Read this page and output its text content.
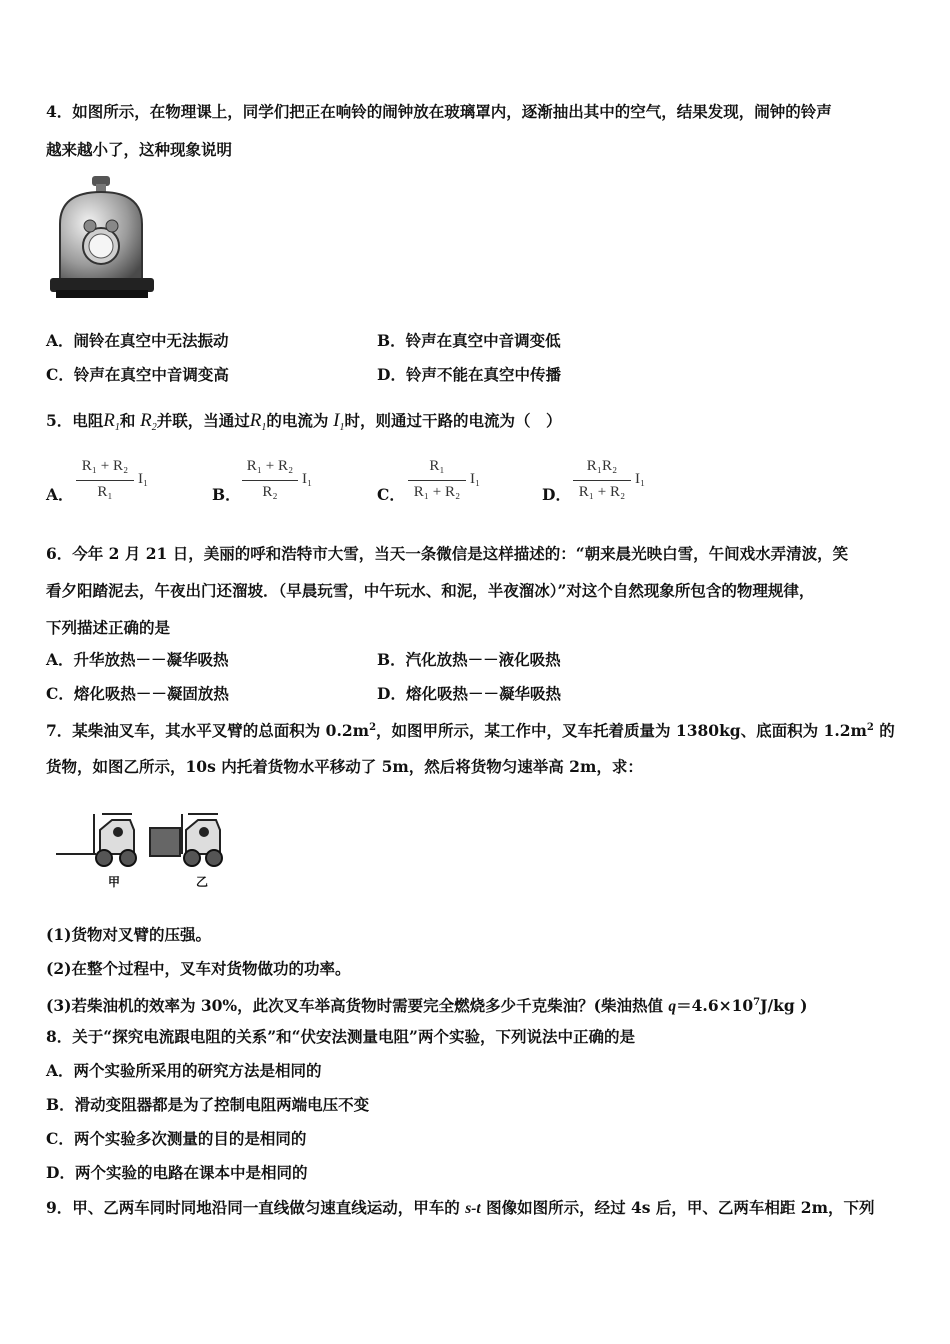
4．如图所示，在物理课上，同学们把正在响铃的闹钟放在玻璃罩内，逐渐抽出其中的空气，结果发现，闹钟的铃声
越来越小了，这种现象说明
A．闹铃在真空中无法振动	B．铃声在真空中音调变低
C．铃声在真空中音调变高	D．铃声不能在真空中传播
5．电阻$R_1$和 $R_2$并联，当通过$R_1$的电流为 $I_1$时，则通过干路的电流为（　）
A．
R₁ + R₂
R₁
I₁
B．
R₁ + R₂
R₂
I₁
C．
R₁
R₁ + R₂
I₁
D．
R₁R₂
R₁ + R₂
I₁
6．今年 2 月 21 日，美丽的呼和浩特市大雪，当天一条微信是这样描述的：“朝来晨光映白雪，午间戏水弄清波，笑
看夕阳踏泥去，午夜出门还溜坡．（早晨玩雪，中午玩水、和泥，半夜溜冰）”对这个自然现象所包含的物理规律，
下列描述正确的是
A．升华放热－－凝华吸热	B．汽化放热－－液化吸热
C．熔化吸热－－凝固放热	D．熔化吸热－－凝华吸热
7．某柴油叉车，其水平叉臂的总面积为 $0.2m^2$，如图甲所示，某工作中，叉车托着质量为 1380kg、底面积为 $1.2m^2$ 的
货物，如图乙所示，10s 内托着货物水平移动了 5m，然后将货物匀速举高 2m，求：
甲	乙
(1)货物对叉臂的压强。
(2)在整个过程中，叉车对货物做功的功率。
(3)若柴油机的效率为 30%，此次叉车举高货物时需要完全燃烧多少千克柴油？(柴油热值 $q=4.6\times 10^7J/kg$ )
8．关于“探究电流跟电阻的关系”和“伏安法测量电阻”两个实验，下列说法中正确的是
A．两个实验所采用的研究方法是相同的
B．滑动变阻器都是为了控制电阻两端电压不变
C．两个实验多次测量的目的是相同的
D．两个实验的电路在课本中是相同的
9．甲、乙两车同时同地沿同一直线做匀速直线运动，甲车的 s-t 图像如图所示，经过 4s 后，甲、乙两车相距 2m，下列
